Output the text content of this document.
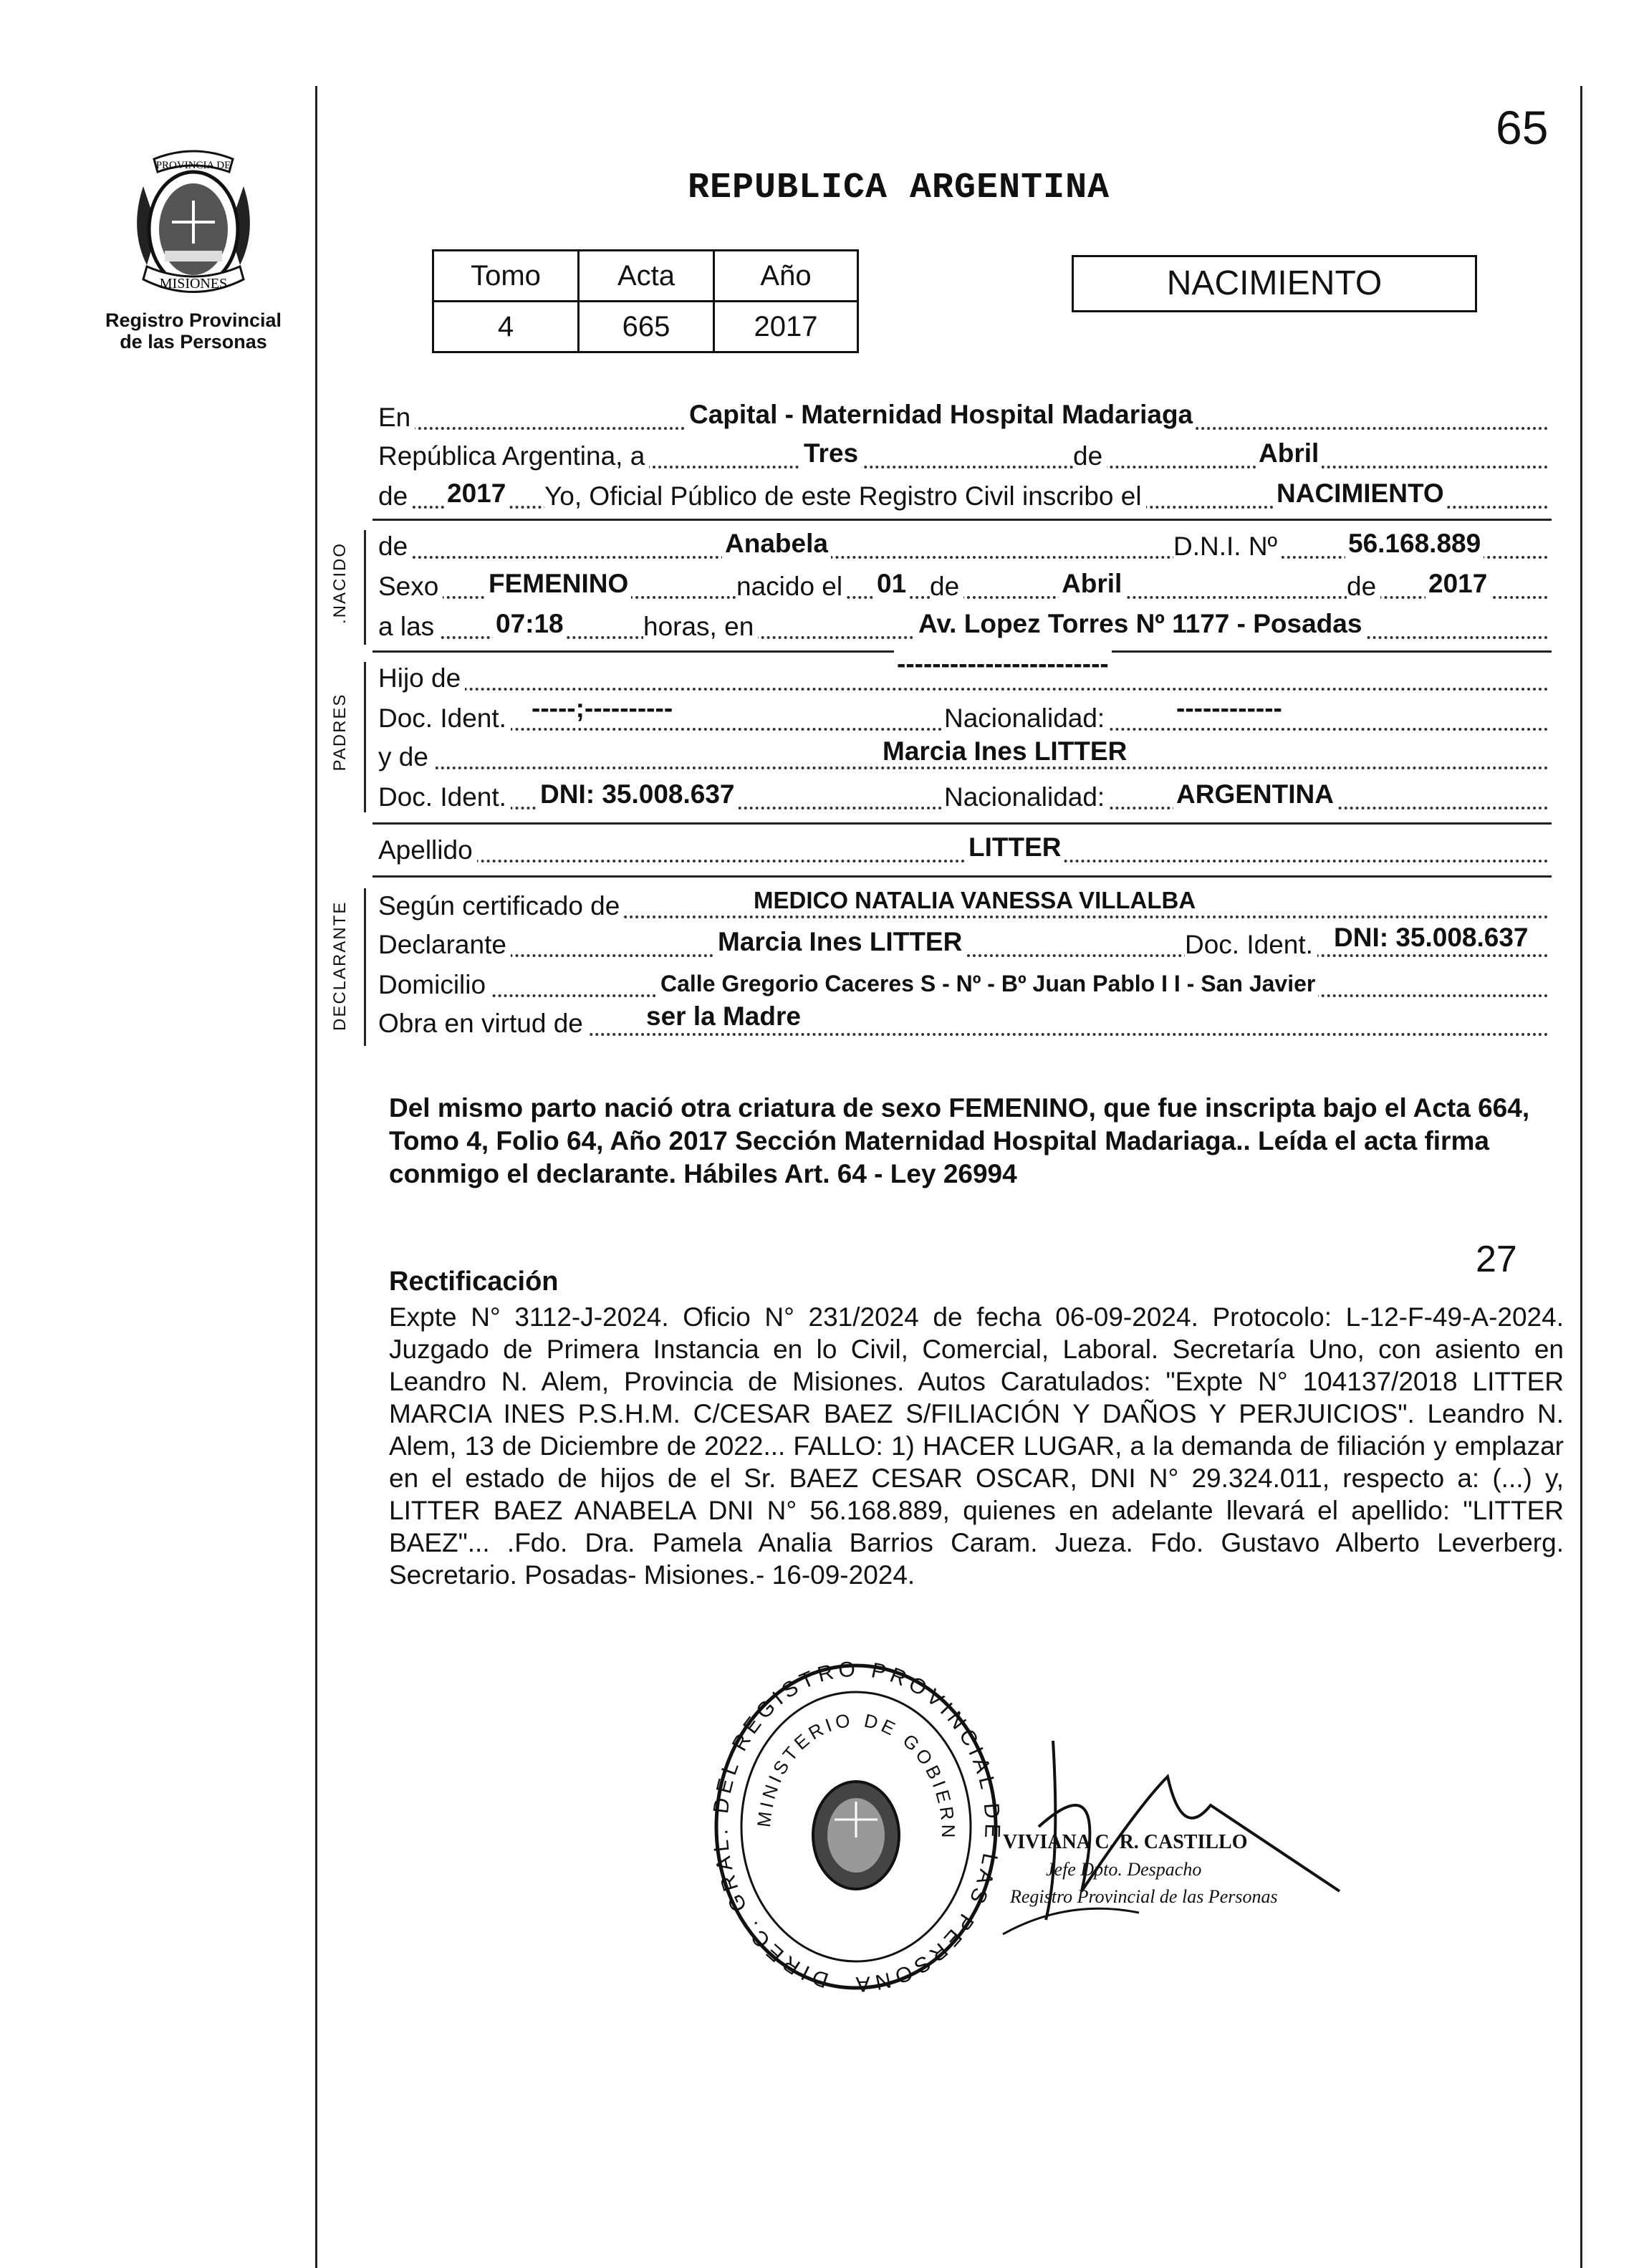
65
PROVINCIA DE
MISIONES
Registro Provincial
de las Personas
REPUBLICA ARGENTINA
Tomo	Acta	Año
4	665	2017
NACIMIENTO
En	Capital - Maternidad Hospital Madariaga
República Argentina, a	Tres	de	Abril
de 2017 Yo, Oficial Público de este Registro Civil inscribo el	NACIMIENTO
.NACIDO de	Anabela	D.N.I. Nº	56.168.889
Sexo FEMENINO	nacido el 01 de	Abril	de 2017
a las 07:18	horas, en	Av. Lopez Torres Nº 1177 - Posadas
PADRES
Hijo de	------------------------
Doc. Ident. -----;----------	Nacionalidad:	------------
y de	Marcia Ines LITTER
Doc. Ident. DNI: 35.008.637	Nacionalidad:	ARGENTINA
Apellido	LITTER
DECLARANTE Según certificado de	MEDICO NATALIA VANESSA VILLALBA
Declarante	Marcia Ines LITTER	Doc. Ident. DNI: 35.008.637
Domicilio	Calle Gregorio Caceres S - Nº - Bº Juan Pablo I I - San Javier
Obra en virtud de ser la Madre
Del mismo parto nació otra criatura de sexo FEMENINO, que fue inscripta bajo el Acta 664, Tomo 4, Folio 64, Año 2017 Sección Maternidad Hospital Madariaga.. Leída el acta firma conmigo el declarante. Hábiles Art. 64 - Ley 26994
27
Rectificación
Expte N° 3112-J-2024. Oficio N° 231/2024 de fecha 06-09-2024. Protocolo: L-12-F-49-A-2024. Juzgado de Primera Instancia en lo Civil, Comercial, Laboral. Secretaría Uno, con asiento en Leandro N. Alem, Provincia de Misiones. Autos Caratulados: "Expte N° 104137/2018 LITTER MARCIA INES P.S.H.M. C/CESAR BAEZ S/FILIACIÓN Y DAÑOS Y PERJUICIOS". Leandro N. Alem, 13 de Diciembre de 2022... FALLO: 1) HACER LUGAR, a la demanda de filiación y emplazar en el estado de hijos de el Sr. BAEZ CESAR OSCAR, DNI N° 29.324.011, respecto a: (...) y, LITTER BAEZ ANABELA DNI N° 56.168.889, quienes en adelante llevará el apellido: "LITTER BAEZ"... .Fdo. Dra. Pamela Analia Barrios Caram. Jueza. Fdo. Gustavo Alberto Leverberg. Secretario. Posadas- Misiones.- 16-09-2024.
DIREC. GRAL. DEL REGISTRO PROVINCIAL DE LAS PERSONA
MINISTERIO DE GOBIERN VIVIANA C. R. CASTILLO
Jefe Dpto. Despacho
Registro Provincial de las Personas
